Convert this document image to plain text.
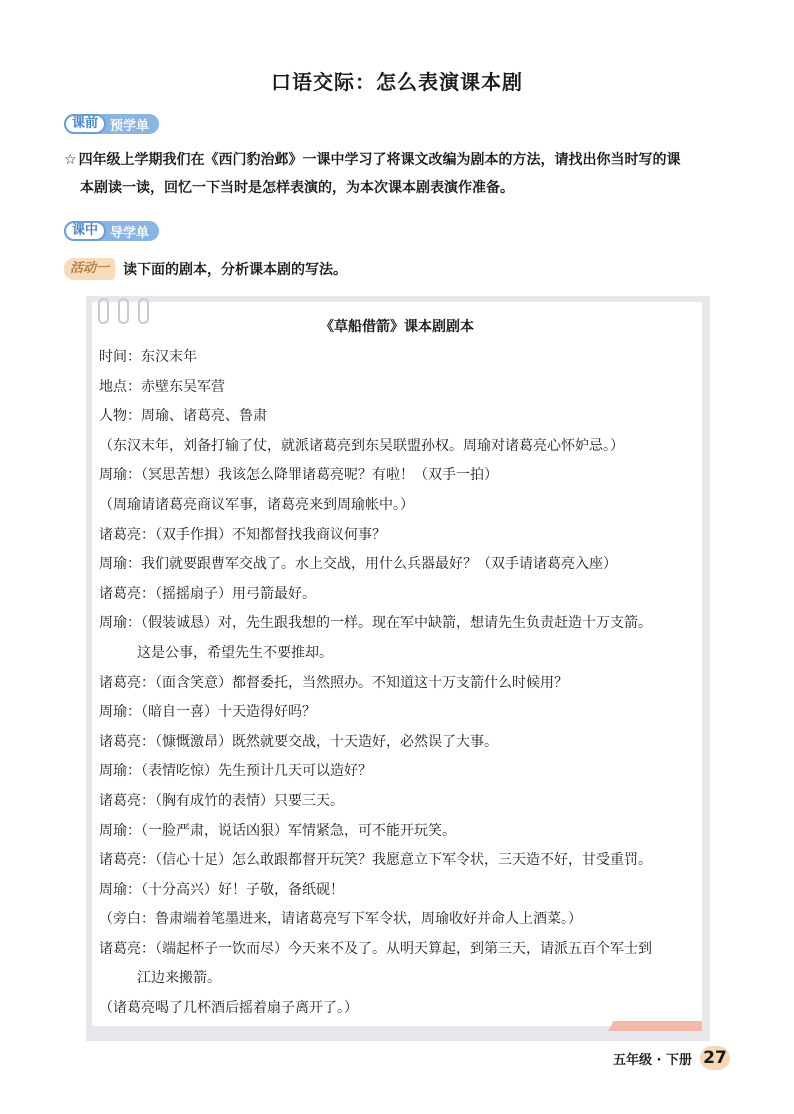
口语交际：怎么表演课本剧
课前 预学单
☆ 四年级上学期我们在《西门豹治邺》一课中学习了将课文改编为剧本的方法，请找出你当时写的课
本剧读一读，回忆一下当时是怎样表演的，为本次课本剧表演作准备。
课中 导学单
活动一	读下面的剧本，分析课本剧的写法。
《草船借箭》课本剧剧本
时间：东汉末年
地点：赤壁东吴军营
人物：周瑜、诸葛亮、鲁肃
（东汉末年，刘备打输了仗，就派诸葛亮到东吴联盟孙权。周瑜对诸葛亮心怀妒忌。）
周瑜：（冥思苦想）我该怎么降罪诸葛亮呢？有啦！（双手一拍）
（周瑜请诸葛亮商议军事，诸葛亮来到周瑜帐中。）
诸葛亮：（双手作揖）不知都督找我商议何事？
周瑜：我们就要跟曹军交战了。水上交战，用什么兵器最好？（双手请诸葛亮入座）
诸葛亮：（摇摇扇子）用弓箭最好。
周瑜：（假装诚恳）对，先生跟我想的一样。现在军中缺箭，想请先生负责赶造十万支箭。
这是公事，希望先生不要推却。
诸葛亮：（面含笑意）都督委托，当然照办。不知道这十万支箭什么时候用？
周瑜：（暗自一喜）十天造得好吗？
诸葛亮：（慷慨激昂）既然就要交战，十天造好，必然误了大事。
周瑜：（表情吃惊）先生预计几天可以造好？
诸葛亮：（胸有成竹的表情）只要三天。
周瑜：（一脸严肃，说话凶狠）军情紧急，可不能开玩笑。
诸葛亮：（信心十足）怎么敢跟都督开玩笑？我愿意立下军令状，三天造不好，甘受重罚。
周瑜：（十分高兴）好！子敬，备纸砚！
（旁白：鲁肃端着笔墨进来，请诸葛亮写下军令状，周瑜收好并命人上酒菜。）
诸葛亮：（端起杯子一饮而尽）今天来不及了。从明天算起，到第三天，请派五百个军士到
江边来搬箭。
（诸葛亮喝了几杯酒后摇着扇子离开了。）
五年级 · 下册 27
